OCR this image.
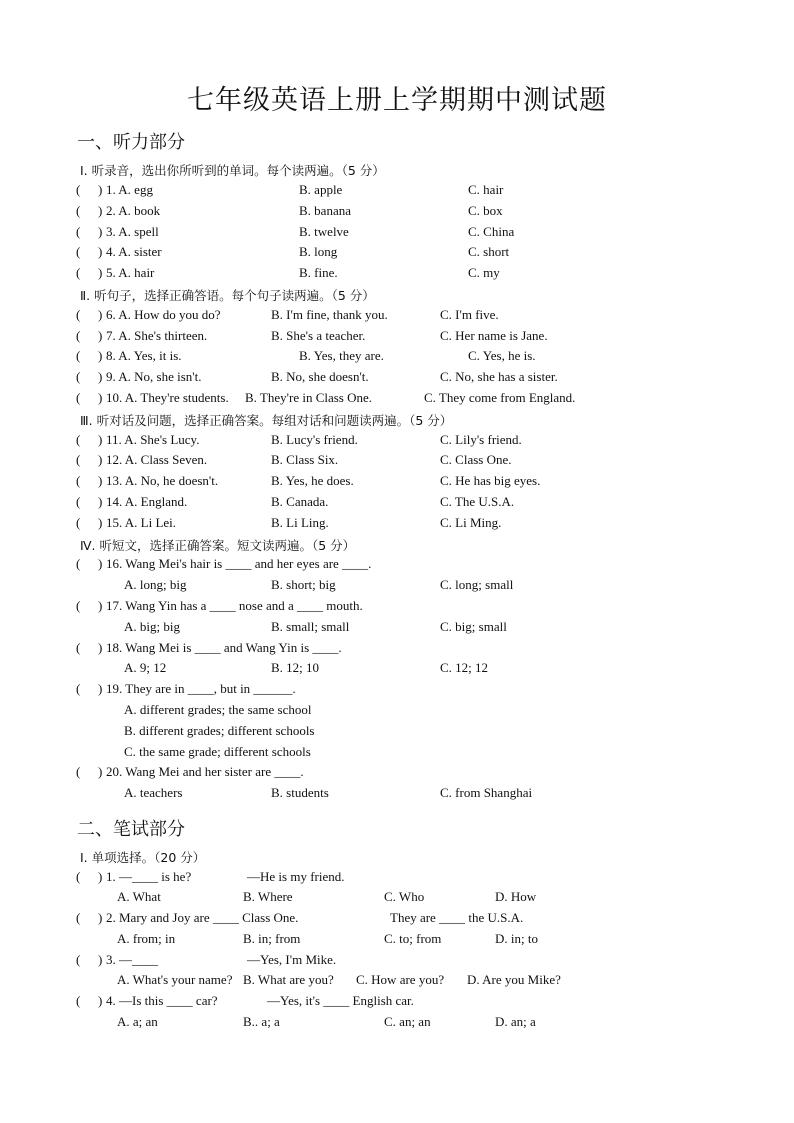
七年级英语上册上学期期中测试题
一、听力部分
Ⅰ. 听录音，选出你所听到的单词。每个读两遍。（5 分）
Ⅱ. 听句子，选择正确答语。每个句子读两遍。（5 分）
Ⅲ. 听对话及问题，选择正确答案。每组对话和问题读两遍。（5 分）
Ⅳ. 听短文，选择正确答案。短文读两遍。（5 分）
二、笔试部分
Ⅰ. 单项选择。（20 分）
( ) 1. A. egg	B. apple	C. hair
( ) 2. A. book	B. banana	C. box
( ) 3. A. spell	B. twelve	C. China
( ) 4. A. sister	B. long	C. short
( ) 5. A. hair	B. fine.	C. my
( ) 6. A. How do you do?	B. I'm fine, thank you.	C. I'm five.
( ) 7. A. She's thirteen.	B. She's a teacher.	C. Her name is Jane.
( ) 8. A. Yes, it is.	B. Yes, they are.	C. Yes, he is.
( ) 9. A. No, she isn't.	B. No, she doesn't.	C. No, she has a sister.
( ) 10. A. They're students. B. They're in Class One.	C. They come from England.
( ) 11. A. She's Lucy.	B. Lucy's friend.	C. Lily's friend.
( ) 12. A. Class Seven.	B. Class Six.	C. Class One.
( ) 13. A. No, he doesn't.	B. Yes, he does.	C. He has big eyes.
( ) 14. A. England.	B. Canada.	C. The U.S.A.
( ) 15. A. Li Lei.	B. Li Ling.	C. Li Ming.
( ) 16. Wang Mei's hair is ____ and her eyes are ____.
A. long; big	B. short; big	C. long; small
( ) 17. Wang Yin has a ____ nose and a ____ mouth.
A. big; big	B. small; small	C. big; small
( ) 18. Wang Mei is ____ and Wang Yin is ____.
A. 9; 12	B. 12; 10	C. 12; 12
( ) 19. They are in ____, but in ______.
A. different grades; the same school
B. different grades; different schools
C. the same grade; different schools
( ) 20. Wang Mei and her sister are ____.
A. teachers	B. students	C. from Shanghai
( ) 1. —____ is he?	—He is my friend.
A. What	B. Where	C. Who	D. How
( ) 2. Mary and Joy are ____ Class One.	They are ____ the U.S.A.
A. from; in	B. in; from	C. to; from	D. in; to
( ) 3. —____	—Yes, I'm Mike.
A. What's your name? B. What are you? C. How are you? D. Are you Mike?
( ) 4. —Is this ____ car?	—Yes, it's ____ English car.
A. a; an	B.. a; a	C. an; an	D. an; a
